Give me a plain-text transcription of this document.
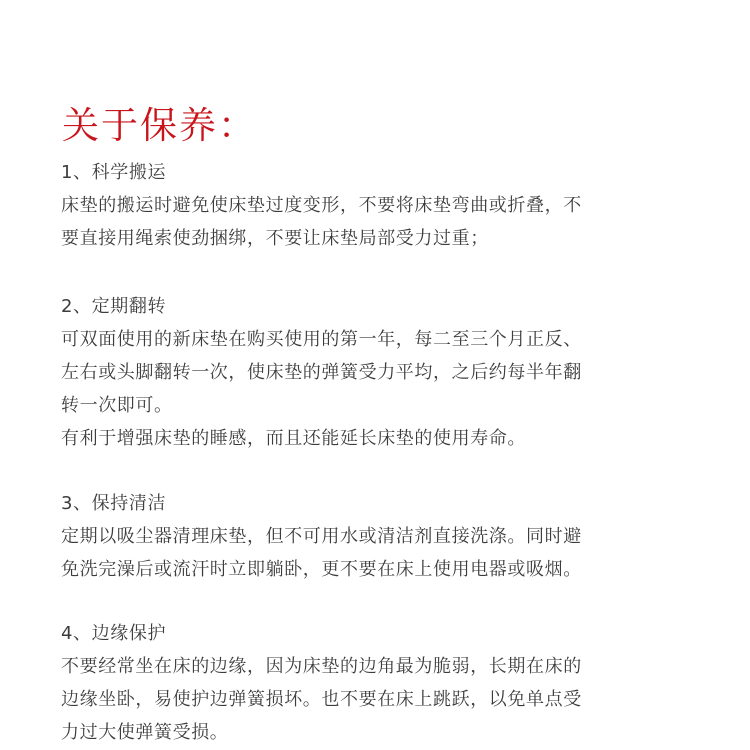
关于保养：
1、科学搬运
床垫的搬运时避免使床垫过度变形，不要将床垫弯曲或折叠，不
要直接用绳索使劲捆绑，不要让床垫局部受力过重；
2、定期翻转
可双面使用的新床垫在购买使用的第一年，每二至三个月正反、
左右或头脚翻转一次，使床垫的弹簧受力平均，之后约每半年翻
转一次即可。
有利于增强床垫的睡感，而且还能延长床垫的使用寿命。
3、保持清洁
定期以吸尘器清理床垫，但不可用水或清洁剂直接洗涤。同时避
免洗完澡后或流汗时立即躺卧，更不要在床上使用电器或吸烟。
4、边缘保护
不要经常坐在床的边缘，因为床垫的边角最为脆弱，长期在床的
边缘坐卧，易使护边弹簧损坏。也不要在床上跳跃，以免单点受
力过大使弹簧受损。
